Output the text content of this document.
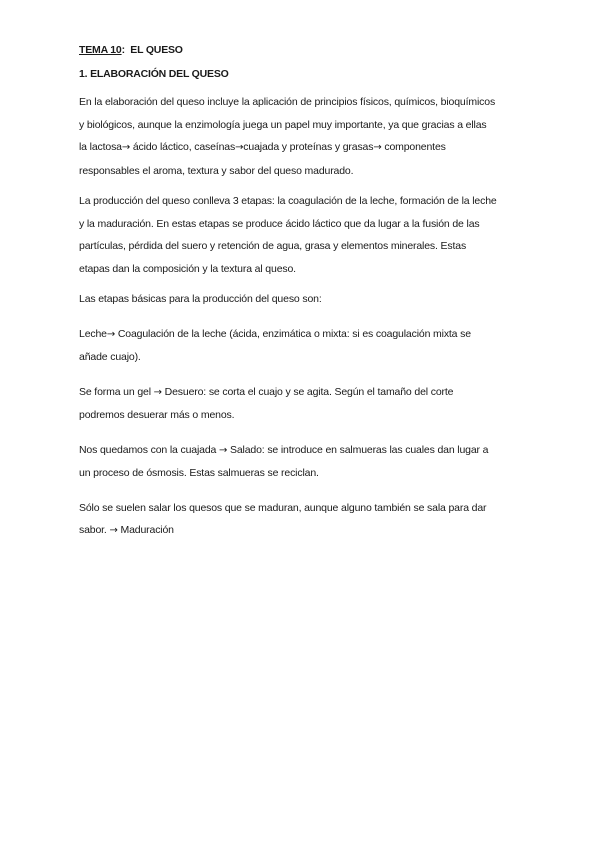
TEMA 10: EL QUESO
1. ELABORACIÓN DEL QUESO

En la elaboración del queso incluye la aplicación de principios físicos, químicos, bioquímicos
y biológicos, aunque la enzimología juega un papel muy importante, ya que gracias a ellas
la lactosa→ ácido láctico, caseínas→cuajada y proteínas y grasas→ componentes
responsables el aroma, textura y sabor del queso madurado.

La producción del queso conlleva 3 etapas: la coagulación de la leche, formación de la leche
y la maduración. En estas etapas se produce ácido láctico que da lugar a la fusión de las
partículas, pérdida del suero y retención de agua, grasa y elementos minerales. Estas
etapas dan la composición y la textura al queso.

Las etapas básicas para la producción del queso son:

Leche→ Coagulación de la leche (ácida, enzimática o mixta: si es coagulación mixta se
añade cuajo).

Se forma un gel → Desuero: se corta el cuajo y se agita. Según el tamaño del corte
podremos desuerar más o menos.

Nos quedamos con la cuajada → Salado: se introduce en salmueras las cuales dan lugar a
un proceso de ósmosis. Estas salmueras se reciclan.

Sólo se suelen salar los quesos que se maduran, aunque alguno también se sala para dar
sabor. → Maduración
